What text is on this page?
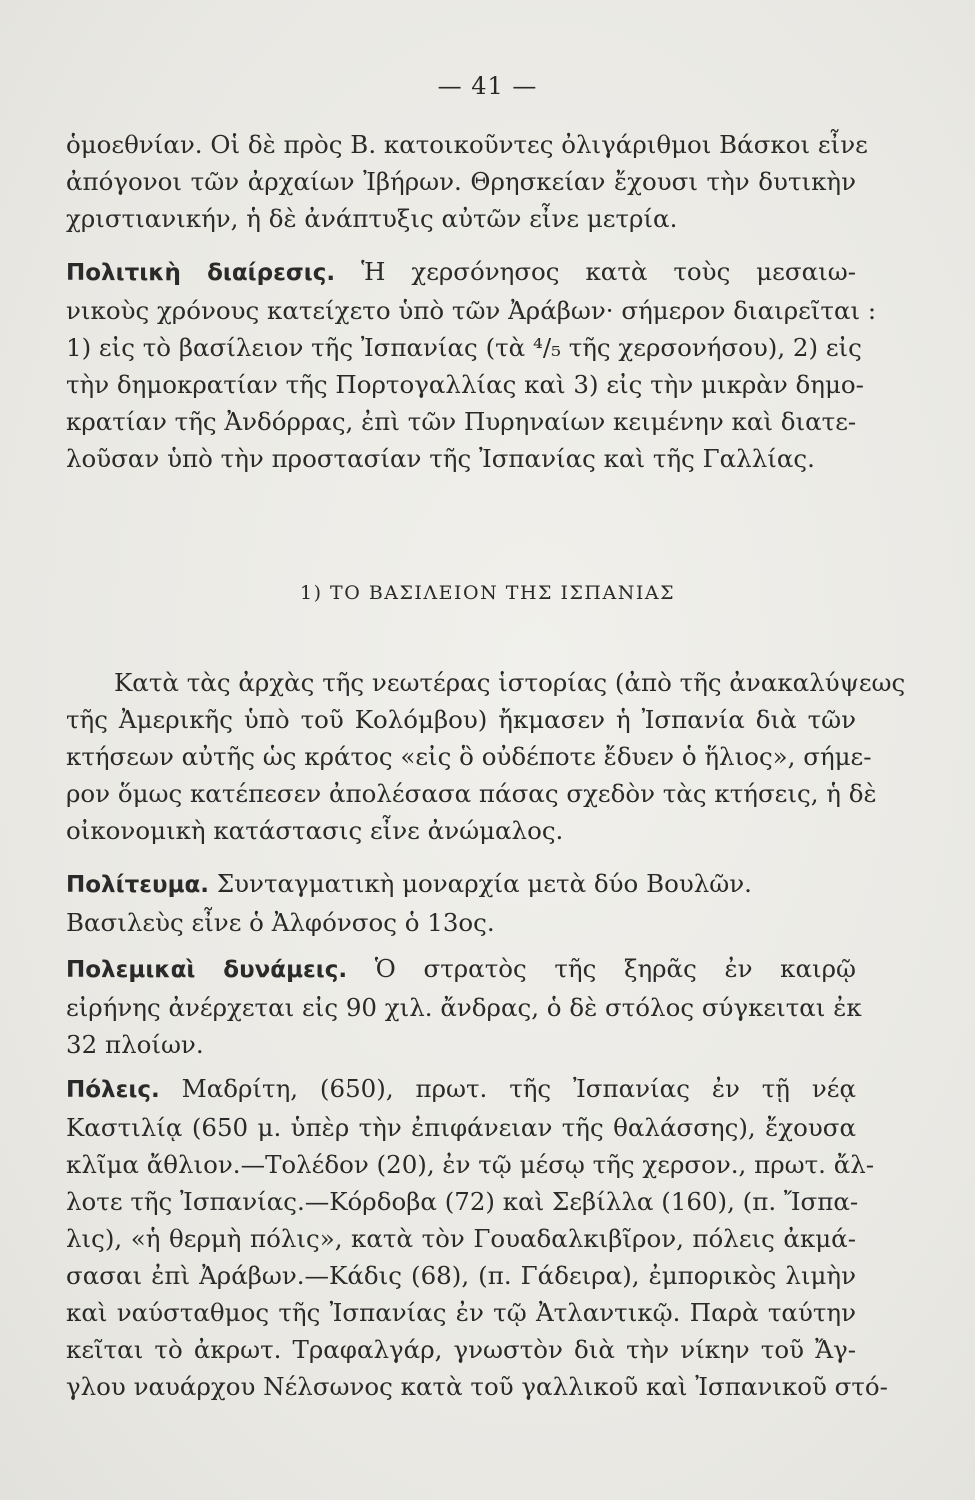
— 41 —
ὁμοεθνίαν. Οἱ δὲ πρὸς Β. κατοικοῦντες ὀλιγάριθμοι Βάσκοι εἶνε
ἀπόγονοι τῶν ἀρχαίων Ἰβήρων. Θρησκείαν ἔχουσι τὴν δυτικὴν
χριστιανικήν, ἡ δὲ ἀνάπτυξις αὐτῶν εἶνε μετρία.
Πολιτικὴ διαίρεσις. Ἡ χερσόνησος κατὰ τοὺς μεσαιω-
νικοὺς χρόνους κατείχετο ὑπὸ τῶν Ἀράβων· σήμερον διαιρεῖται :
1) εἰς τὸ βασίλειον τῆς Ἰσπανίας (τὰ ⁴/₅ τῆς χερσονήσου), 2) εἰς
τὴν δημοκρατίαν τῆς Πορτογαλλίας καὶ 3) εἰς τὴν μικρὰν δημο-
κρατίαν τῆς Ἀνδόρρας, ἐπὶ τῶν Πυρηναίων κειμένην καὶ διατε-
λοῦσαν ὑπὸ τὴν προστασίαν τῆς Ἰσπανίας καὶ τῆς Γαλλίας.
1) ΤΟ ΒΑΣΙΛΕΙΟΝ ΤΗΣ ΙΣΠΑΝΙΑΣ
Κατὰ τὰς ἀρχὰς τῆς νεωτέρας ἱστορίας (ἀπὸ τῆς ἀνακαλύψεως
τῆς Ἀμερικῆς ὑπὸ τοῦ Κολόμβου) ἤκμασεν ἡ Ἰσπανία διὰ τῶν
κτήσεων αὐτῆς ὡς κράτος «εἰς ὃ οὐδέποτε ἔδυεν ὁ ἥλιος», σήμε-
ρον ὅμως κατέπεσεν ἀπολέσασα πάσας σχεδὸν τὰς κτήσεις, ἡ δὲ
οἰκονομικὴ κατάστασις εἶνε ἀνώμαλος.
Πολίτευμα. Συνταγματικὴ μοναρχία μετὰ δύο Βουλῶν.
Βασιλεὺς εἶνε ὁ Ἀλφόνσος ὁ 13ος.
Πολεμικαὶ δυνάμεις. Ὁ στρατὸς τῆς ξηρᾶς ἐν καιρῷ
εἰρήνης ἀνέρχεται εἰς 90 χιλ. ἄνδρας, ὁ δὲ στόλος σύγκειται ἐκ
32 πλοίων.
Πόλεις. Μαδρίτη, (650), πρωτ. τῆς Ἰσπανίας ἐν τῇ νέᾳ
Καστιλίᾳ (650 μ. ὑπὲρ τὴν ἐπιφάνειαν τῆς θαλάσσης), ἔχουσα
κλῖμα ἄθλιον.—Τολέδον (20), ἐν τῷ μέσῳ τῆς χερσον., πρωτ. ἄλ-
λοτε τῆς Ἰσπανίας.—Κόρδοβα (72) καὶ Σεβίλλα (160), (π. Ἴσπα-
λις), «ἡ θερμὴ πόλις», κατὰ τὸν Γουαδαλκιβῖρον, πόλεις ἀκμά-
σασαι ἐπὶ Ἀράβων.—Κάδις (68), (π. Γάδειρα), ἐμπορικὸς λιμὴν
καὶ ναύσταθμος τῆς Ἰσπανίας ἐν τῷ Ἀτλαντικῷ. Παρὰ ταύτην
κεῖται τὸ ἀκρωτ. Τραφαλγάρ, γνωστὸν διὰ τὴν νίκην τοῦ Ἄγ-
γλου ναυάρχου Νέλσωνος κατὰ τοῦ γαλλικοῦ καὶ Ἰσπανικοῦ στό-
